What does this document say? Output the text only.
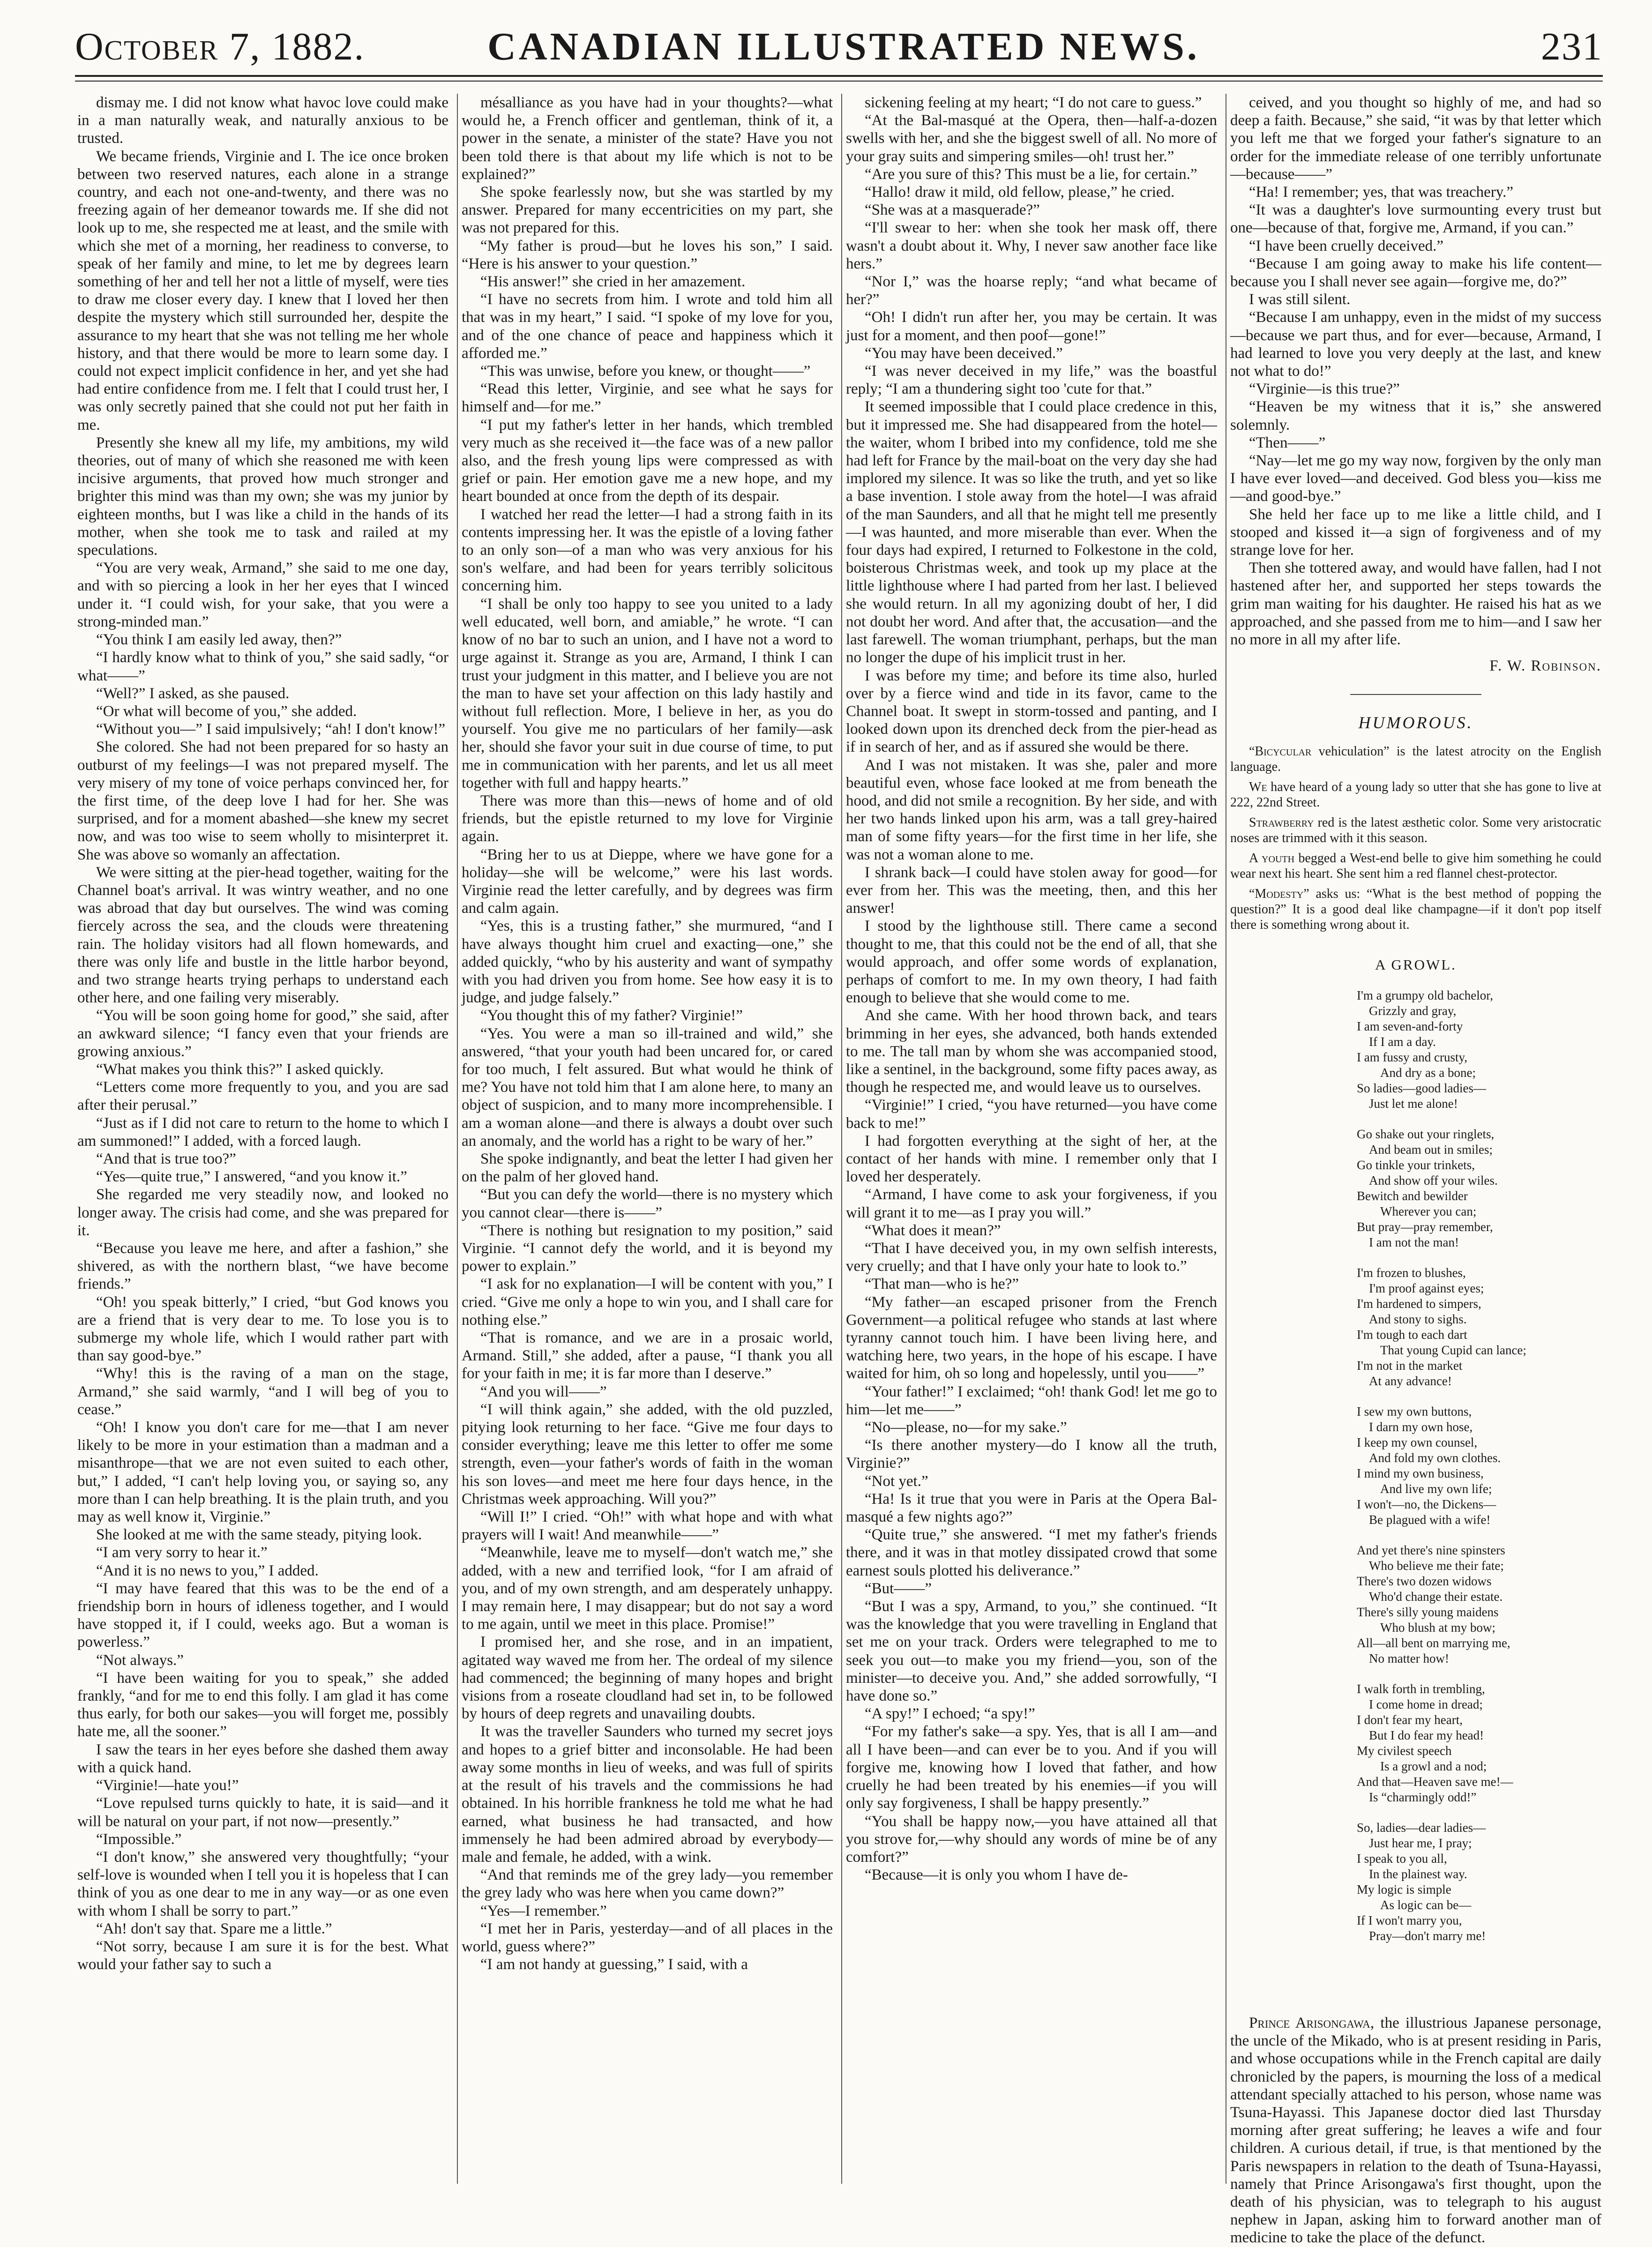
October 7, 1882.	CANADIAN ILLUSTRATED NEWS.	231

dismay me. I did not know what havoc love could make in a man naturally weak, and naturally anxious to be trusted.

We became friends, Virginie and I. The ice once broken between two reserved natures, each alone in a strange country, and each not one-and-twenty, and there was no freezing again of her demeanor towards me. If she did not look up to me, she respected me at least, and the smile with which she met of a morning, her readiness to converse, to speak of her family and mine, to let me by degrees learn something of her and tell her not a little of myself, were ties to draw me closer every day. I knew that I loved her then despite the mystery which still surrounded her, despite the assurance to my heart that she was not telling me her whole history, and that there would be more to learn some day. I could not expect implicit confidence in her, and yet she had had entire confidence from me. I felt that I could trust her, I was only secretly pained that she could not put her faith in me.

Presently she knew all my life, my ambitions, my wild theories, out of many of which she reasoned me with keen incisive arguments, that proved how much stronger and brighter this mind was than my own; she was my junior by eighteen months, but I was like a child in the hands of its mother, when she took me to task and railed at my speculations.

“You are very weak, Armand,” she said to me one day, and with so piercing a look in her her eyes that I winced under it. “I could wish, for your sake, that you were a strong-minded man.”

“You think I am easily led away, then?”

“I hardly know what to think of you,” she said sadly, “or what——”

“Well?” I asked, as she paused.

“Or what will become of you,” she added.

“Without you—” I said impulsively; “ah! I don't know!”

She colored. She had not been prepared for so hasty an outburst of my feelings—I was not prepared myself. The very misery of my tone of voice perhaps convinced her, for the first time, of the deep love I had for her. She was surprised, and for a moment abashed—she knew my secret now, and was too wise to seem wholly to misinterpret it. She was above so womanly an affectation.

We were sitting at the pier-head together, waiting for the Channel boat's arrival. It was wintry weather, and no one was abroad that day but ourselves. The wind was coming fiercely across the sea, and the clouds were threatening rain. The holiday visitors had all flown homewards, and there was only life and bustle in the little harbor beyond, and two strange hearts trying perhaps to understand each other here, and one failing very miserably.

“You will be soon going home for good,” she said, after an awkward silence; “I fancy even that your friends are growing anxious.”

“What makes you think this?” I asked quickly.

“Letters come more frequently to you, and you are sad after their perusal.”

“Just as if I did not care to return to the home to which I am summoned!” I added, with a forced laugh.

“And that is true too?”

“Yes—quite true,” I answered, “and you know it.”

She regarded me very steadily now, and looked no longer away. The crisis had come, and she was prepared for it.

“Because you leave me here, and after a fashion,” she shivered, as with the northern blast, “we have become friends.”

“Oh! you speak bitterly,” I cried, “but God knows you are a friend that is very dear to me. To lose you is to submerge my whole life, which I would rather part with than say good-bye.”

“Why! this is the raving of a man on the stage, Armand,” she said warmly, “and I will beg of you to cease.”

“Oh! I know you don't care for me—that I am never likely to be more in your estimation than a madman and a misanthrope—that we are not even suited to each other, but,” I added, “I can't help loving you, or saying so, any more than I can help breathing. It is the plain truth, and you may as well know it, Virginie.”

She looked at me with the same steady, pitying look.

“I am very sorry to hear it.”

“And it is no news to you,” I added.

“I may have feared that this was to be the end of a friendship born in hours of idleness together, and I would have stopped it, if I could, weeks ago. But a woman is powerless.”

“Not always.”

“I have been waiting for you to speak,” she added frankly, “and for me to end this folly. I am glad it has come thus early, for both our sakes—you will forget me, possibly hate me, all the sooner.”

I saw the tears in her eyes before she dashed them away with a quick hand.

“Virginie!—hate you!”

“Love repulsed turns quickly to hate, it is said—and it will be natural on your part, if not now—presently.”

“Impossible.”

“I don't know,” she answered very thoughtfully; “your self-love is wounded when I tell you it is hopeless that I can think of you as one dear to me in any way—or as one even with whom I shall be sorry to part.”

“Ah! don't say that. Spare me a little.”

“Not sorry, because I am sure it is for the best. What would your father say to such a

mésalliance as you have had in your thoughts?—what would he, a French officer and gentleman, think of it, a power in the senate, a minister of the state? Have you not been told there is that about my life which is not to be explained?”

She spoke fearlessly now, but she was startled by my answer. Prepared for many eccentricities on my part, she was not prepared for this.

“My father is proud—but he loves his son,” I said. “Here is his answer to your question.”

“His answer!” she cried in her amazement.

“I have no secrets from him. I wrote and told him all that was in my heart,” I said. “I spoke of my love for you, and of the one chance of peace and happiness which it afforded me.”

“This was unwise, before you knew, or thought——”

“Read this letter, Virginie, and see what he says for himself and—for me.”

“I put my father's letter in her hands, which trembled very much as she received it—the face was of a new pallor also, and the fresh young lips were compressed as with grief or pain. Her emotion gave me a new hope, and my heart bounded at once from the depth of its despair.

I watched her read the letter—I had a strong faith in its contents impressing her. It was the epistle of a loving father to an only son—of a man who was very anxious for his son's welfare, and had been for years terribly solicitous concerning him.

“I shall be only too happy to see you united to a lady well educated, well born, and amiable,” he wrote. “I can know of no bar to such an union, and I have not a word to urge against it. Strange as you are, Armand, I think I can trust your judgment in this matter, and I believe you are not the man to have set your affection on this lady hastily and without full reflection. More, I believe in her, as you do yourself. You give me no particulars of her family—ask her, should she favor your suit in due course of time, to put me in communication with her parents, and let us all meet together with full and happy hearts.”

There was more than this—news of home and of old friends, but the epistle returned to my love for Virginie again.

“Bring her to us at Dieppe, where we have gone for a holiday—she will be welcome,” were his last words. Virginie read the letter carefully, and by degrees was firm and calm again.

“Yes, this is a trusting father,” she murmured, “and I have always thought him cruel and exacting—one,” she added quickly, “who by his austerity and want of sympathy with you had driven you from home. See how easy it is to judge, and judge falsely.”

“You thought this of my father? Virginie!”

“Yes. You were a man so ill-trained and wild,” she answered, “that your youth had been uncared for, or cared for too much, I felt assured. But what would he think of me? You have not told him that I am alone here, to many an object of suspicion, and to many more incomprehensible. I am a woman alone—and there is always a doubt over such an anomaly, and the world has a right to be wary of her.”

She spoke indignantly, and beat the letter I had given her on the palm of her gloved hand.

“But you can defy the world—there is no mystery which you cannot clear—there is——”

“There is nothing but resignation to my position,” said Virginie. “I cannot defy the world, and it is beyond my power to explain.”

“I ask for no explanation—I will be content with you,” I cried. “Give me only a hope to win you, and I shall care for nothing else.”

“That is romance, and we are in a prosaic world, Armand. Still,” she added, after a pause, “I thank you all for your faith in me; it is far more than I deserve.”

“And you will——”

“I will think again,” she added, with the old puzzled, pitying look returning to her face. “Give me four days to consider everything; leave me this letter to offer me some strength, even—your father's words of faith in the woman his son loves—and meet me here four days hence, in the Christmas week approaching. Will you?”

“Will I!” I cried. “Oh!” with what hope and with what prayers will I wait! And meanwhile——”

“Meanwhile, leave me to myself—don't watch me,” she added, with a new and terrified look, “for I am afraid of you, and of my own strength, and am desperately unhappy. I may remain here, I may disappear; but do not say a word to me again, until we meet in this place. Promise!”

I promised her, and she rose, and in an impatient, agitated way waved me from her. The ordeal of my silence had commenced; the beginning of many hopes and bright visions from a roseate cloudland had set in, to be followed by hours of deep regrets and unavailing doubts.

It was the traveller Saunders who turned my secret joys and hopes to a grief bitter and inconsolable. He had been away some months in lieu of weeks, and was full of spirits at the result of his travels and the commissions he had obtained. In his horrible frankness he told me what he had earned, what business he had transacted, and how immensely he had been admired abroad by everybody—male and female, he added, with a wink.

“And that reminds me of the grey lady—you remember the grey lady who was here when you came down?”

“Yes—I remember.”

“I met her in Paris, yesterday—and of all places in the world, guess where?”

“I am not handy at guessing,” I said, with a

sickening feeling at my heart; “I do not care to guess.”

“At the Bal-masqué at the Opera, then—half-a-dozen swells with her, and she the biggest swell of all. No more of your gray suits and simpering smiles—oh! trust her.”

“Are you sure of this? This must be a lie, for certain.”

“Hallo! draw it mild, old fellow, please,” he cried.

“She was at a masquerade?”

“I'll swear to her: when she took her mask off, there wasn't a doubt about it. Why, I never saw another face like hers.”

“Nor I,” was the hoarse reply; “and what became of her?”

“Oh! I didn't run after her, you may be certain. It was just for a moment, and then poof—gone!”

“You may have been deceived.”

“I was never deceived in my life,” was the boastful reply; “I am a thundering sight too 'cute for that.”

It seemed impossible that I could place credence in this, but it impressed me. She had disappeared from the hotel—the waiter, whom I bribed into my confidence, told me she had left for France by the mail-boat on the very day she had implored my silence. It was so like the truth, and yet so like a base invention. I stole away from the hotel—I was afraid of the man Saunders, and all that he might tell me presently—I was haunted, and more miserable than ever. When the four days had expired, I returned to Folkestone in the cold, boisterous Christmas week, and took up my place at the little lighthouse where I had parted from her last. I believed she would return. In all my agonizing doubt of her, I did not doubt her word. And after that, the accusation—and the last farewell. The woman triumphant, perhaps, but the man no longer the dupe of his implicit trust in her.

I was before my time; and before its time also, hurled over by a fierce wind and tide in its favor, came to the Channel boat. It swept in storm-tossed and panting, and I looked down upon its drenched deck from the pier-head as if in search of her, and as if assured she would be there.

And I was not mistaken. It was she, paler and more beautiful even, whose face looked at me from beneath the hood, and did not smile a recognition. By her side, and with her two hands linked upon his arm, was a tall grey-haired man of some fifty years—for the first time in her life, she was not a woman alone to me.

I shrank back—I could have stolen away for good—for ever from her. This was the meeting, then, and this her answer!

I stood by the lighthouse still. There came a second thought to me, that this could not be the end of all, that she would approach, and offer some words of explanation, perhaps of comfort to me. In my own theory, I had faith enough to believe that she would come to me.

And she came. With her hood thrown back, and tears brimming in her eyes, she advanced, both hands extended to me. The tall man by whom she was accompanied stood, like a sentinel, in the background, some fifty paces away, as though he respected me, and would leave us to ourselves.

“Virginie!” I cried, “you have returned—you have come back to me!”

I had forgotten everything at the sight of her, at the contact of her hands with mine. I remember only that I loved her desperately.

“Armand, I have come to ask your forgiveness, if you will grant it to me—as I pray you will.”

“What does it mean?”

“That I have deceived you, in my own selfish interests, very cruelly; and that I have only your hate to look to.”

“That man—who is he?”

“My father—an escaped prisoner from the French Government—a political refugee who stands at last where tyranny cannot touch him. I have been living here, and watching here, two years, in the hope of his escape. I have waited for him, oh so long and hopelessly, until you——”

“Your father!” I exclaimed; “oh! thank God! let me go to him—let me——”

“No—please, no—for my sake.”

“Is there another mystery—do I know all the truth, Virginie?”

“Not yet.”

“Ha! Is it true that you were in Paris at the Opera Bal-masqué a few nights ago?”

“Quite true,” she answered. “I met my father's friends there, and it was in that motley dissipated crowd that some earnest souls plotted his deliverance.”

“But——”

“But I was a spy, Armand, to you,” she continued. “It was the knowledge that you were travelling in England that set me on your track. Orders were telegraphed to me to seek you out—to make you my friend—you, son of the minister—to deceive you. And,” she added sorrowfully, “I have done so.”

“A spy!” I echoed; “a spy!”

“For my father's sake—a spy. Yes, that is all I am—and all I have been—and can ever be to you. And if you will forgive me, knowing how I loved that father, and how cruelly he had been treated by his enemies—if you will only say forgiveness, I shall be happy presently.”

“You shall be happy now,—you have attained all that you strove for,—why should any words of mine be of any comfort?”

“Because—it is only you whom I have de-

ceived, and you thought so highly of me, and had so deep a faith. Because,” she said, “it was by that letter which you left me that we forged your father's signature to an order for the immediate release of one terribly unfortunate—because——”

“Ha! I remember; yes, that was treachery.”

“It was a daughter's love surmounting every trust but one—because of that, forgive me, Armand, if you can.”

“I have been cruelly deceived.”

“Because I am going away to make his life content—because you I shall never see again—forgive me, do?”

I was still silent.

“Because I am unhappy, even in the midst of my success—because we part thus, and for ever—because, Armand, I had learned to love you very deeply at the last, and knew not what to do!”

“Virginie—is this true?”

“Heaven be my witness that it is,” she answered solemnly.

“Then——”

“Nay—let me go my way now, forgiven by the only man I have ever loved—and deceived. God bless you—kiss me—and good-bye.”

She held her face up to me like a little child, and I stooped and kissed it—a sign of forgiveness and of my strange love for her.

Then she tottered away, and would have fallen, had I not hastened after her, and supported her steps towards the grim man waiting for his daughter. He raised his hat as we approached, and she passed from me to him—and I saw her no more in all my after life.

F. W. Robinson.

HUMOROUS.

“Bicycular vehiculation” is the latest atrocity on the English language.

We have heard of a young lady so utter that she has gone to live at 222, 22nd Street.

Strawberry red is the latest æsthetic color. Some very aristocratic noses are trimmed with it this season.

A youth begged a West-end belle to give him something he could wear next his heart. She sent him a red flannel chest-protector.

“Modesty” asks us: “What is the best method of popping the question?” It is a good deal like champagne—if it don't pop itself there is something wrong about it.

A GROWL.

I'm a grumpy old bachelor,
Grizzly and gray,
I am seven-and-forty
If I am a day.
I am fussy and crusty,
And dry as a bone;
So ladies—good ladies—
Just let me alone!
Go shake out your ringlets,
And beam out in smiles;
Go tinkle your trinkets,
And show off your wiles.
Bewitch and bewilder
Wherever you can;
But pray—pray remember,
I am not the man!
I'm frozen to blushes,
I'm proof against eyes;
I'm hardened to simpers,
And stony to sighs.
I'm tough to each dart
That young Cupid can lance;
I'm not in the market
At any advance!
I sew my own buttons,
I darn my own hose,
I keep my own counsel,
And fold my own clothes.
I mind my own business,
And live my own life;
I won't—no, the Dickens—
Be plagued with a wife!
And yet there's nine spinsters
Who believe me their fate;
There's two dozen widows
Who'd change their estate.
There's silly young maidens
Who blush at my bow;
All—all bent on marrying me,
No matter how!
I walk forth in trembling,
I come home in dread;
I don't fear my heart,
But I do fear my head!
My civilest speech
Is a growl and a nod;
And that—Heaven save me!—
Is “charmingly odd!”
So, ladies—dear ladies—
Just hear me, I pray;
I speak to you all,
In the plainest way.
My logic is simple
As logic can be—
If I won't marry you,
Pray—don't marry me!

Prince Arisongawa, the illustrious Japanese personage, the uncle of the Mikado, who is at present residing in Paris, and whose occupations while in the French capital are daily chronicled by the papers, is mourning the loss of a medical attendant specially attached to his person, whose name was Tsuna-Hayassi. This Japanese doctor died last Thursday morning after great suffering; he leaves a wife and four children. A curious detail, if true, is that mentioned by the Paris newspapers in relation to the death of Tsuna-Hayassi, namely that Prince Arisongawa's first thought, upon the death of his physician, was to telegraph to his august nephew in Japan, asking him to forward another man of medicine to take the place of the defunct.
